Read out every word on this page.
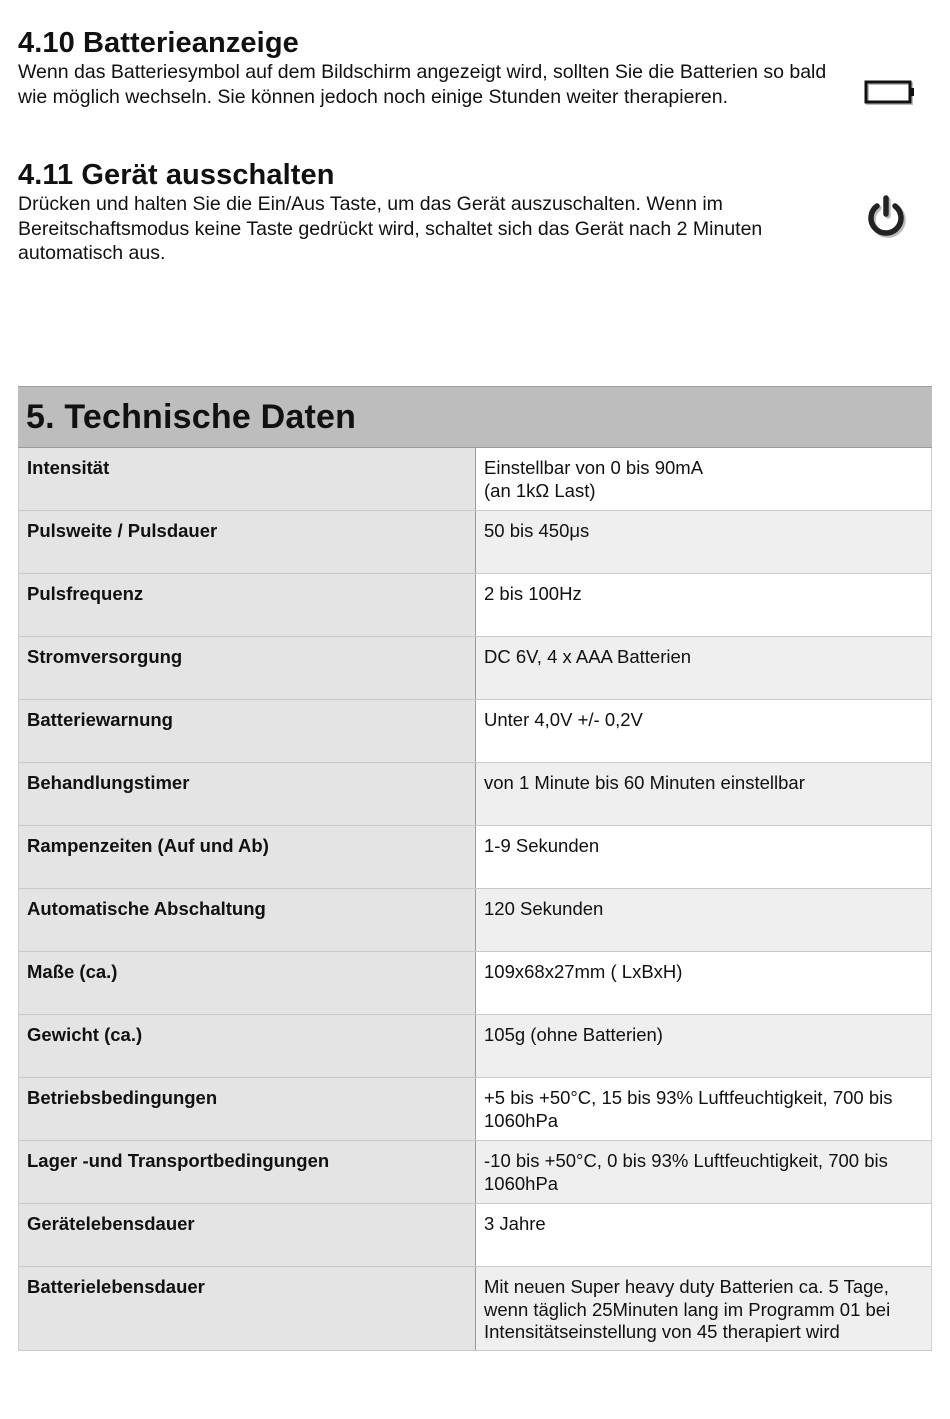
4.10 Batterieanzeige

Wenn das Batteriesymbol auf dem Bildschirm angezeigt wird, sollten Sie die Batterien so bald wie möglich wechseln. Sie können jedoch noch einige Stunden weiter therapieren.

4.11 Gerät ausschalten

Drücken und halten Sie die Ein/Aus Taste, um das Gerät auszuschalten. Wenn im Bereitschaftsmodus keine Taste gedrückt wird, schaltet sich das Gerät nach 2 Minuten automatisch aus.

5. Technische Daten
Intensität	Einstellbar von 0 bis 90mA
(an 1kΩ Last)
Pulsweite / Pulsdauer	50 bis 450μs
Pulsfrequenz	2 bis 100Hz
Stromversorgung	DC 6V, 4 x AAA Batterien
Batteriewarnung	Unter 4,0V +/- 0,2V
Behandlungstimer	von 1 Minute bis 60 Minuten einstellbar
Rampenzeiten (Auf und Ab)	1-9 Sekunden
Automatische Abschaltung	120 Sekunden
Maße (ca.)	109x68x27mm ( LxBxH)
Gewicht (ca.)	105g (ohne Batterien)
Betriebsbedingungen	+5 bis +50°C, 15 bis 93% Luftfeuchtigkeit, 700 bis 1060hPa
Lager -und Transportbedingungen	-10 bis +50°C, 0 bis 93% Luftfeuchtigkeit, 700 bis 1060hPa
Gerätelebensdauer	3 Jahre
Batterielebensdauer	Mit neuen Super heavy duty Batterien ca. 5 Tage, wenn täglich 25Minuten lang im Programm 01 bei Intensitätseinstellung von 45 therapiert wird
